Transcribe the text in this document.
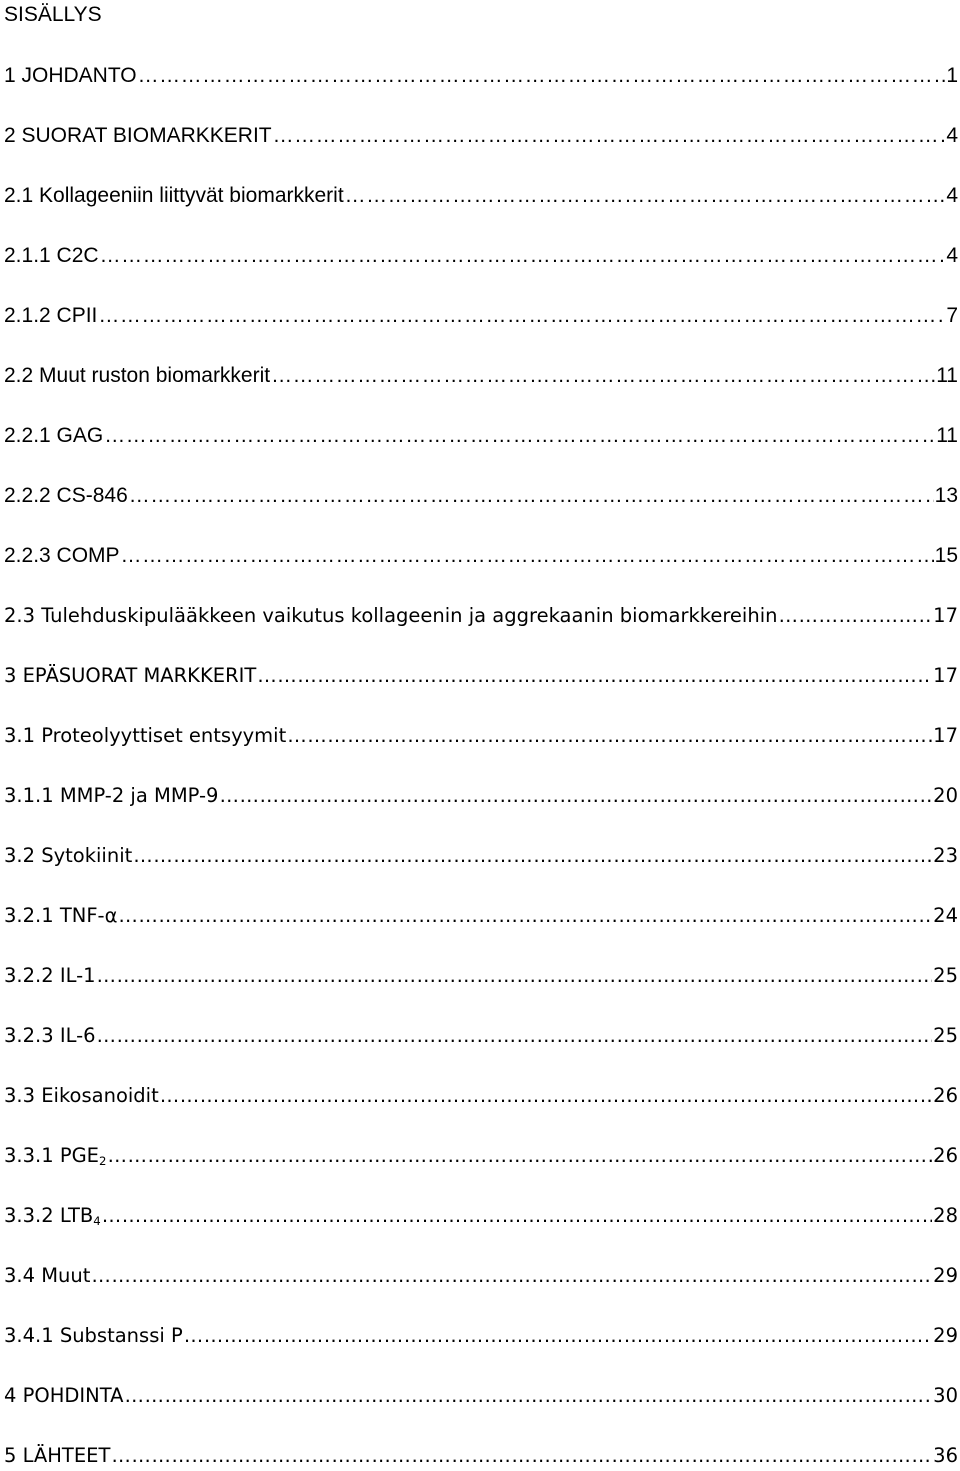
SISÄLLYS
1 JOHDANTO ………………………………………………………………………………………………………………………………………………………………………………………………………………………………………………………………	1
2 SUORAT BIOMARKKERIT ………………………………………………………………………………………………………………………………………………………………………………………………………………………………………………………………	4
2.1 Kollageeniin liittyvät biomarkkerit ………………………………………………………………………………………………………………………………………………………………………………………………………………………………………………………………	4
2.1.1 C2C ………………………………………………………………………………………………………………………………………………………………………………………………………………………………………………………………	4
2.1.2 CPII ………………………………………………………………………………………………………………………………………………………………………………………………………………………………………………………………	7
2.2 Muut ruston biomarkkerit ………………………………………………………………………………………………………………………………………………………………………………………………………………………………………………………………	11
2.2.1 GAG ………………………………………………………………………………………………………………………………………………………………………………………………………………………………………………………………	11
2.2.2 CS-846 ………………………………………………………………………………………………………………………………………………………………………………………………………………………………………………………………	13
2.2.3 COMP ………………………………………………………………………………………………………………………………………………………………………………………………………………………………………………………………	15
2.3 Tulehduskipulääkkeen vaikutus kollageenin ja aggrekaanin biomarkkereihin ………………………………………………………………………………………………………………………………………………………………………………………………………………………………………………………………	17
3 EPÄSUORAT MARKKERIT ………………………………………………………………………………………………………………………………………………………………………………………………………………………………………………………………	17
3.1 Proteolyyttiset entsyymit ………………………………………………………………………………………………………………………………………………………………………………………………………………………………………………………………	17
3.1.1 MMP-2 ja MMP-9 ………………………………………………………………………………………………………………………………………………………………………………………………………………………………………………………………	20
3.2 Sytokiinit ………………………………………………………………………………………………………………………………………………………………………………………………………………………………………………………………	23
3.2.1 TNF-α ………………………………………………………………………………………………………………………………………………………………………………………………………………………………………………………………	24
3.2.2 IL-1 ………………………………………………………………………………………………………………………………………………………………………………………………………………………………………………………………	25
3.2.3 IL-6 ………………………………………………………………………………………………………………………………………………………………………………………………………………………………………………………………	25
3.3 Eikosanoidit ………………………………………………………………………………………………………………………………………………………………………………………………………………………………………………………………	26
3.3.1 $PGE_2$ ………………………………………………………………………………………………………………………………………………………………………………………………………………………………………………………………	26
3.3.2 $LTB_4$ ………………………………………………………………………………………………………………………………………………………………………………………………………………………………………………………………	28
3.4 Muut ………………………………………………………………………………………………………………………………………………………………………………………………………………………………………………………………	29
3.4.1 Substanssi P ………………………………………………………………………………………………………………………………………………………………………………………………………………………………………………………………	29
4 POHDINTA ………………………………………………………………………………………………………………………………………………………………………………………………………………………………………………………………	30
5 LÄHTEET ………………………………………………………………………………………………………………………………………………………………………………………………………………………………………………………………	36
